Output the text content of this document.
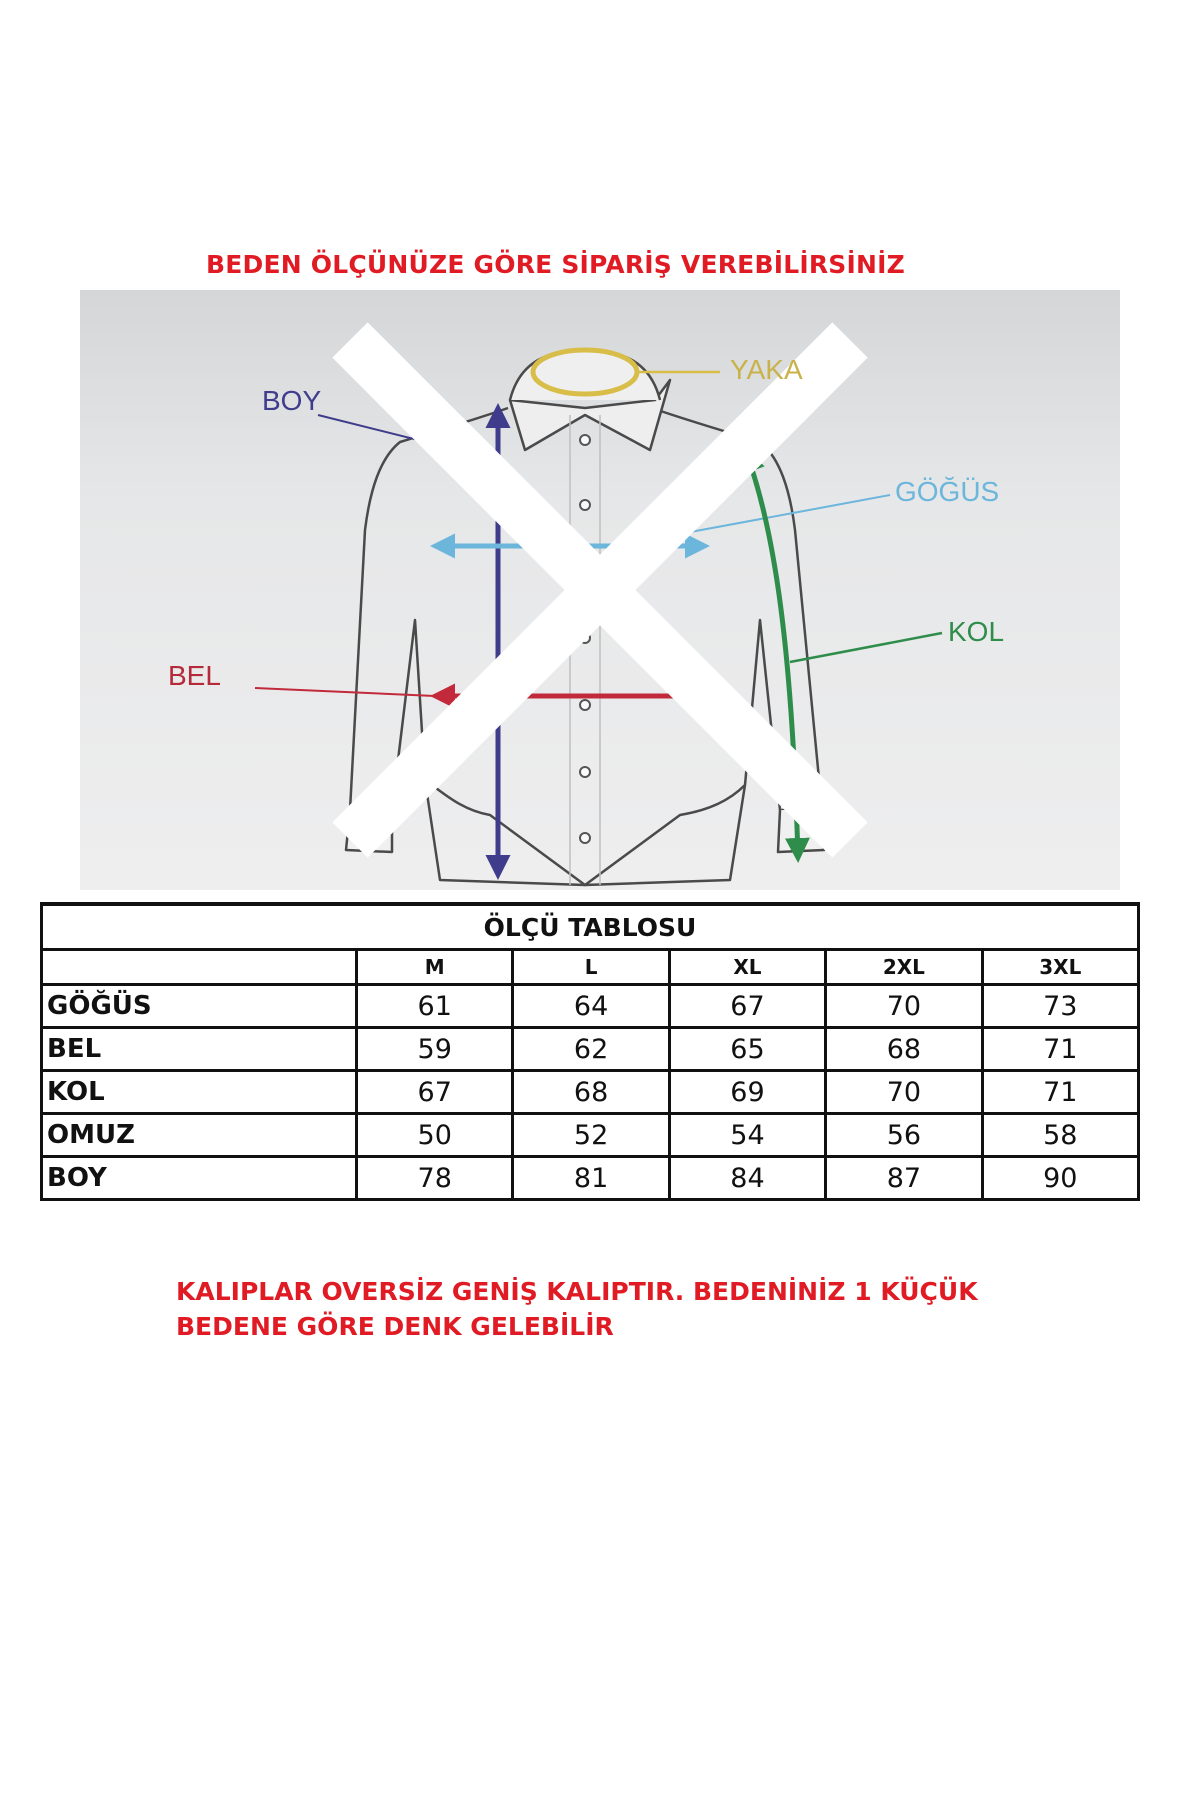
BEDEN ÖLÇÜNÜZE GÖRE SİPARİŞ VEREBİLİRSİNİZ
BOY
YAKA
GÖĞÜS
KOL
BEL
ÖLÇÜ TABLOSU					
	M	L	XL	2XL	3XL
GÖĞÜS	61	64	67	70	73
BEL	59	62	65	68	71
KOL	67	68	69	70	71
OMUZ	50	52	54	56	58
BOY	78	81	84	87	90

KALIPLAR OVERSİZ GENİŞ KALIPTIR. BEDENİNİZ 1 KÜÇÜK
BEDENE GÖRE DENK GELEBİLİR
